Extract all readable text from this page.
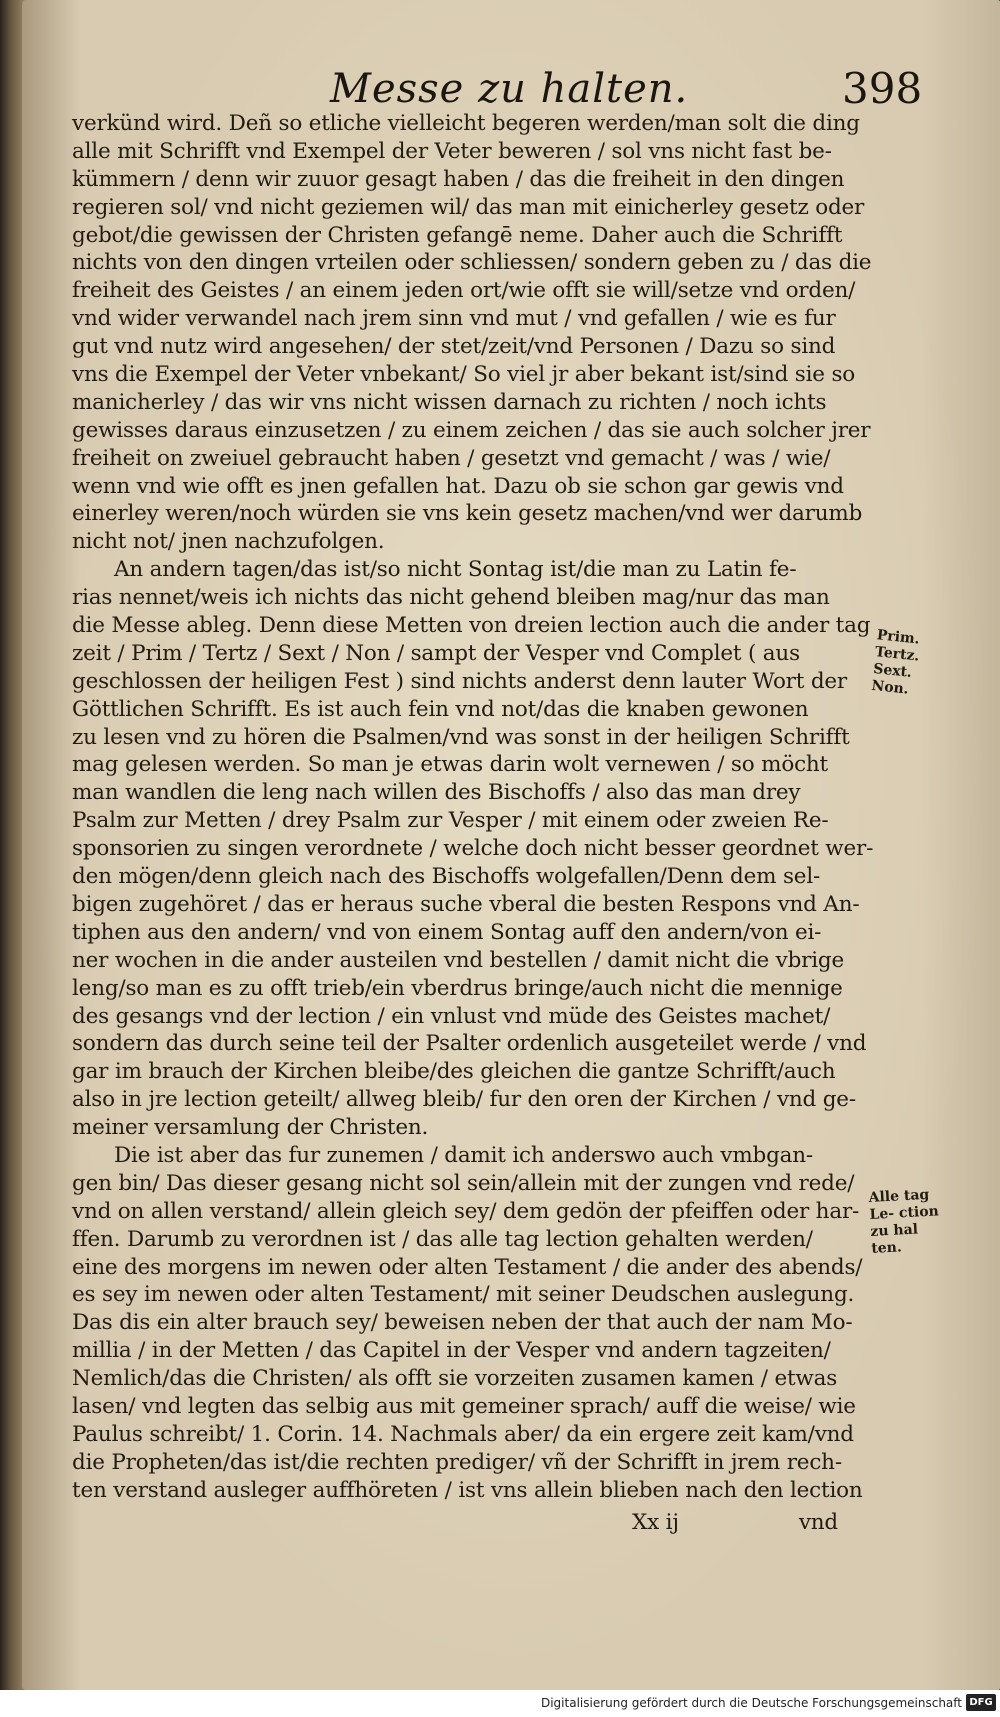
Messe zu halten.	398
verkünd wird. Deñ so etliche vielleicht begeren werden/man solt die ding
alle mit Schrifft vnd Exempel der Veter beweren / sol vns nicht fast be-
kümmern / denn wir zuuor gesagt haben / das die freiheit in den dingen
regieren sol/ vnd nicht geziemen wil/ das man mit einicherley gesetz oder
gebot/die gewissen der Christen gefangē neme. Daher auch die Schrifft
nichts von den dingen vrteilen oder schliessen/ sondern geben zu / das die
freiheit des Geistes / an einem jeden ort/wie offt sie will/setze vnd orden/
vnd wider verwandel nach jrem sinn vnd mut / vnd gefallen / wie es fur
gut vnd nutz wird angesehen/ der stet/zeit/vnd Personen / Dazu so sind
vns die Exempel der Veter vnbekant/ So viel jr aber bekant ist/sind sie so
manicherley / das wir vns nicht wissen darnach zu richten / noch ichts
gewisses daraus einzusetzen / zu einem zeichen / das sie auch solcher jrer
freiheit on zweiuel gebraucht haben / gesetzt vnd gemacht / was / wie/
wenn vnd wie offt es jnen gefallen hat. Dazu ob sie schon gar gewis vnd
einerley weren/noch würden sie vns kein gesetz machen/vnd wer darumb
nicht not/ jnen nachzufolgen.
An andern tagen/das ist/so nicht Sontag ist/die man zu Latin fe-
rias nennet/weis ich nichts das nicht gehend bleiben mag/nur das man
die Messe ableg. Denn diese Metten von dreien lection auch die ander tag
zeit / Prim / Tertz / Sext / Non / sampt der Vesper vnd Complet ( aus
geschlossen der heiligen Fest ) sind nichts anderst denn lauter Wort der
Göttlichen Schrifft. Es ist auch fein vnd not/das die knaben gewonen
zu lesen vnd zu hören die Psalmen/vnd was sonst in der heiligen Schrifft
mag gelesen werden. So man je etwas darin wolt vernewen / so möcht
man wandlen die leng nach willen des Bischoffs / also das man drey
Psalm zur Metten / drey Psalm zur Vesper / mit einem oder zweien Re-
sponsorien zu singen verordnete / welche doch nicht besser geordnet wer-
den mögen/denn gleich nach des Bischoffs wolgefallen/Denn dem sel-
bigen zugehöret / das er heraus suche vberal die besten Respons vnd An-
tiphen aus den andern/ vnd von einem Sontag auff den andern/von ei-
ner wochen in die ander austeilen vnd bestellen / damit nicht die vbrige
leng/so man es zu offt trieb/ein vberdrus bringe/auch nicht die mennige
des gesangs vnd der lection / ein vnlust vnd müde des Geistes machet/
sondern das durch seine teil der Psalter ordenlich ausgeteilet werde / vnd
gar im brauch der Kirchen bleibe/des gleichen die gantze Schrifft/auch
also in jre lection geteilt/ allweg bleib/ fur den oren der Kirchen / vnd ge-
meiner versamlung der Christen.
Die ist aber das fur zunemen / damit ich anderswo auch vmbgan-
gen bin/ Das dieser gesang nicht sol sein/allein mit der zungen vnd rede/
vnd on allen verstand/ allein gleich sey/ dem gedön der pfeiffen oder har-
ffen. Darumb zu verordnen ist / das alle tag lection gehalten werden/
eine des morgens im newen oder alten Testament / die ander des abends/
es sey im newen oder alten Testament/ mit seiner Deudschen auslegung.
Das dis ein alter brauch sey/ beweisen neben der that auch der nam Mo-
millia / in der Metten / das Capitel in der Vesper vnd andern tagzeiten/
Nemlich/das die Christen/ als offt sie vorzeiten zusamen kamen / etwas
lasen/ vnd legten das selbig aus mit gemeiner sprach/ auff die weise/ wie
Paulus schreibt/ 1. Corin. 14. Nachmals aber/ da ein ergere zeit kam/vnd
die Propheten/das ist/die rechten prediger/ vñ der Schrifft in jrem rech-
ten verstand ausleger auffhöreten / ist vns allein blieben nach den lection
Xx ij	vnd
Prim. Tertz. Sext. Non.
Alle tag Le- ction zu hal ten.
Digitalisierung gefördert durch die Deutsche Forschungsgemeinschaft DFG
